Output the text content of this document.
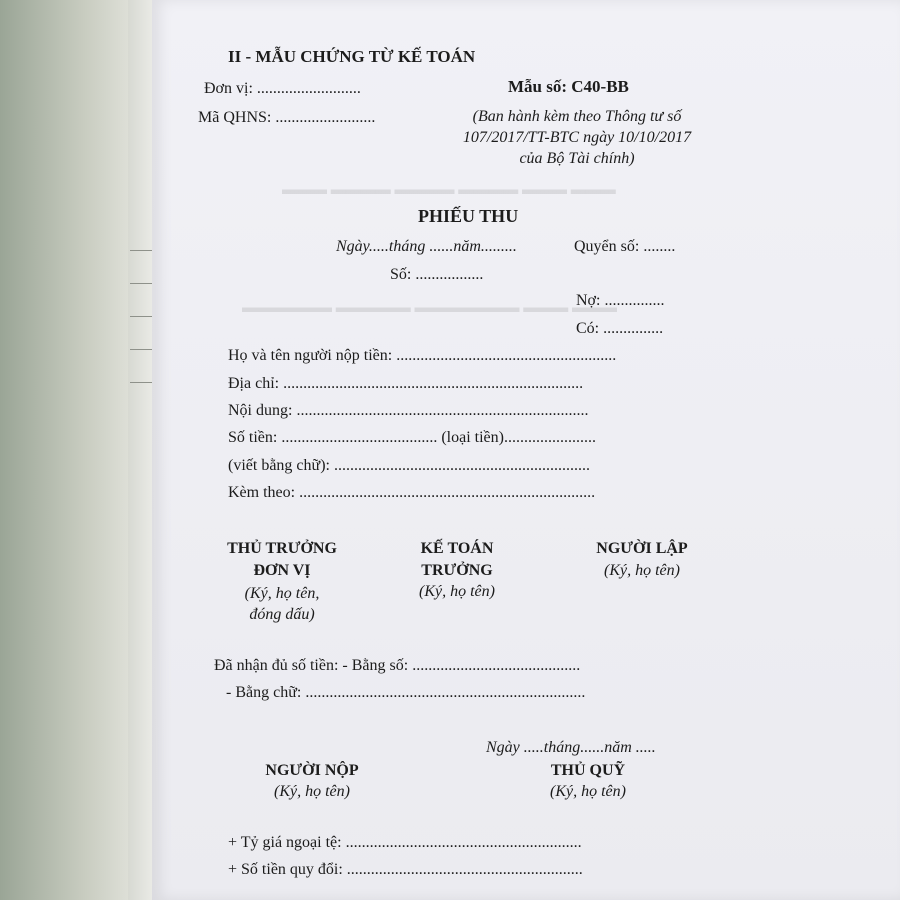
▬▬▬ ▬▬▬▬ ▬▬▬▬ ▬▬▬▬ ▬▬▬ ▬▬▬
▬▬▬▬▬▬ ▬▬▬▬▬ ▬▬▬▬▬▬▬ ▬▬▬ ▬▬▬
II - MẪU CHỨNG TỪ KẾ TOÁN
Đơn vị: ..........................
Mã QHNS: .........................
Mẫu số: C40-BB
(Ban hành kèm theo Thông tư số
107/2017/TT-BTC ngày 10/10/2017
của Bộ Tài chính)
PHIẾU THU
Ngày.....tháng ......năm.........	Quyển số: ........
Số: .................
Nợ: ...............
Có: ...............
Họ và tên người nộp tiền: .......................................................
Địa chỉ: ...........................................................................
Nội dung: .........................................................................
Số tiền: ....................................... (loại tiền).......................
(viết bằng chữ): ................................................................
Kèm theo: ..........................................................................
THỦ TRƯỞNG
ĐƠN VỊ
(Ký, họ tên,
đóng dấu)
KẾ TOÁN
TRƯỞNG
(Ký, họ tên)
NGƯỜI LẬP
(Ký, họ tên)
Đã nhận đủ số tiền: - Bằng số: ..........................................
- Bằng chữ: ......................................................................
Ngày .....tháng......năm .....
NGƯỜI NỘP
(Ký, họ tên)
THỦ QUỸ
(Ký, họ tên)
+ Tỷ giá ngoại tệ: ...........................................................
+ Số tiền quy đổi: ...........................................................
